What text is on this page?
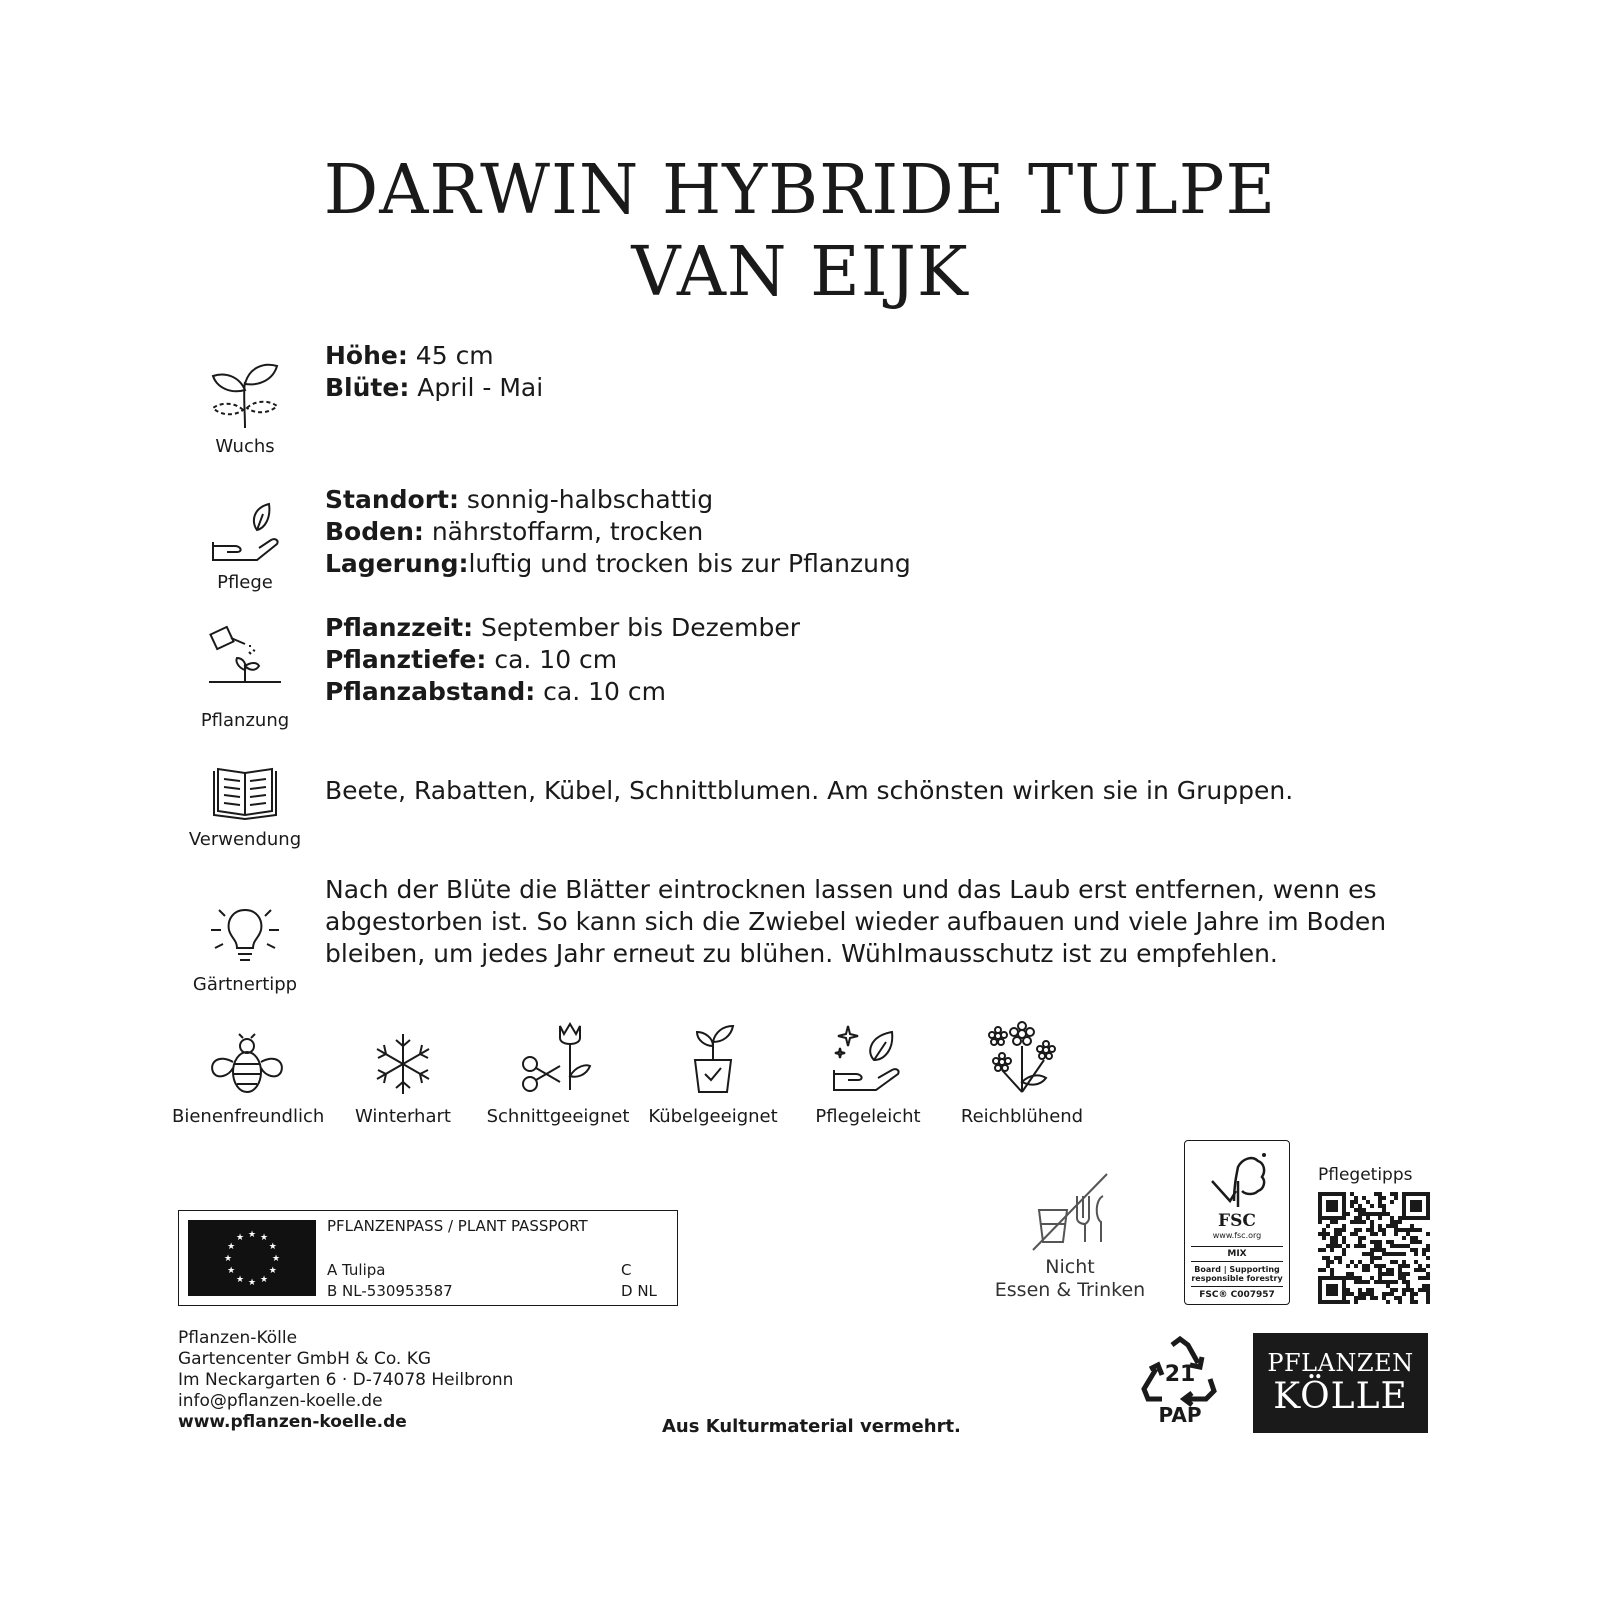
DARWIN HYBRIDE TULPE
VAN EIJK
Wuchs
Höhe: 45 cm
Blüte: April - Mai
Pflege
Standort: sonnig-halbschattig
Boden: nährstoffarm, trocken
Lagerung:luftig und trocken bis zur Pflanzung
Pflanzung
Pflanzzeit: September bis Dezember
Pflanztiefe: ca. 10 cm
Pflanzabstand: ca. 10 cm
Verwendung
Beete, Rabatten, Kübel, Schnittblumen. Am schönsten wirken sie in Gruppen.
Gärtnertipp
Nach der Blüte die Blätter eintrocknen lassen und das Laub erst entfernen, wenn es abgestorben ist. So kann sich die Zwiebel wieder aufbauen und viele Jahre im Boden bleiben, um jedes Jahr erneut zu blühen. Wühlmausschutz ist zu empfehlen.
Bienenfreundlich	Winterhart	Schnittgeeignet	Kübelgeeignet	Pflegeleicht	Reichblühend
★
★
★
★
★
★
★
★
★ ★ ★
★
PFLANZENPASS / PLANT PASSPORT
A Tulipa
B NL-530953587
C
D NL
Pflanzen-Kölle
Gartencenter GmbH & Co. KG
Im Neckargarten 6 · D-74078 Heilbronn
info@pflanzen-koelle.de
www.pflanzen-koelle.de	Aus Kulturmaterial vermehrt.
Nicht
Essen & Trinken
FSC
www.fsc.org
MIX
Board | Supporting
responsible forestry
FSC® C007957
Pflegetipps
21
PAP
PFLANZEN
KÖLLE
